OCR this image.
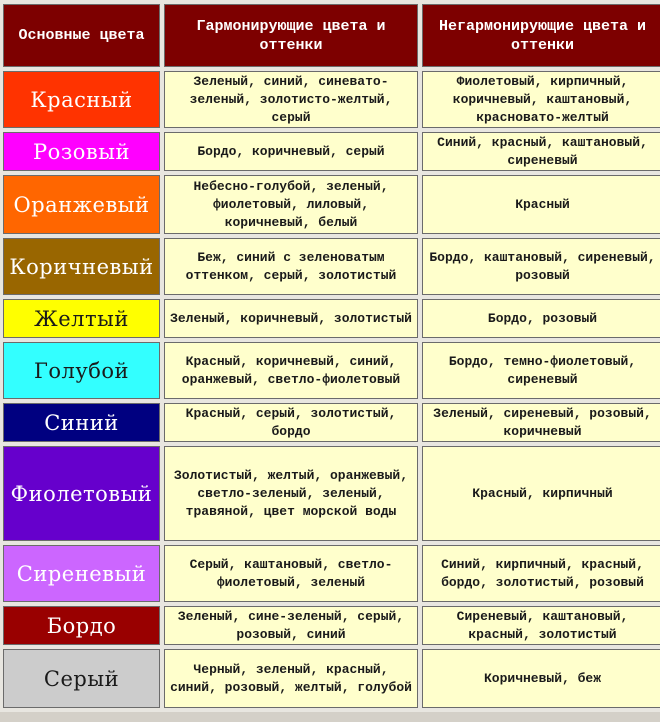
Основные цвета	Гармонирующие цвета и оттенки	Негармонирующие цвета и оттенки
Красный	Зеленый, синий, синевато-зеленый, золотисто-желтый, серый	Фиолетовый, кирпичный, коричневый, каштановый, красновато-желтый
Розовый	Бордо, коричневый, серый	Синий, красный, каштановый, сиреневый
Оранжевый	Небесно-голубой, зеленый, фиолетовый, лиловый, коричневый, белый	Красный
Коричневый	Беж, синий с зеленоватым оттенком, серый, золотистый	Бордо, каштановый, сиреневый, розовый
Желтый	Зеленый, коричневый, золотистый	Бордо, розовый
Голубой	Красный, коричневый, синий, оранжевый, светло-фиолетовый	Бордо, темно-фиолетовый, сиреневый
Синий	Красный, серый, золотистый, бордо	Зеленый, сиреневый, розовый, коричневый
Фиолетовый	Золотистый, желтый, оранжевый, светло-зеленый, зеленый, травяной, цвет морской воды	Красный, кирпичный
Сиреневый	Серый, каштановый, светло-фиолетовый, зеленый	Синий, кирпичный, красный, бордо, золотистый, розовый
Бордо	Зеленый, сине-зеленый, серый, розовый, синий	Сиреневый, каштановый, красный, золотистый
Серый	Черный, зеленый, красный, синий, розовый, желтый, голубой	Коричневый, беж
